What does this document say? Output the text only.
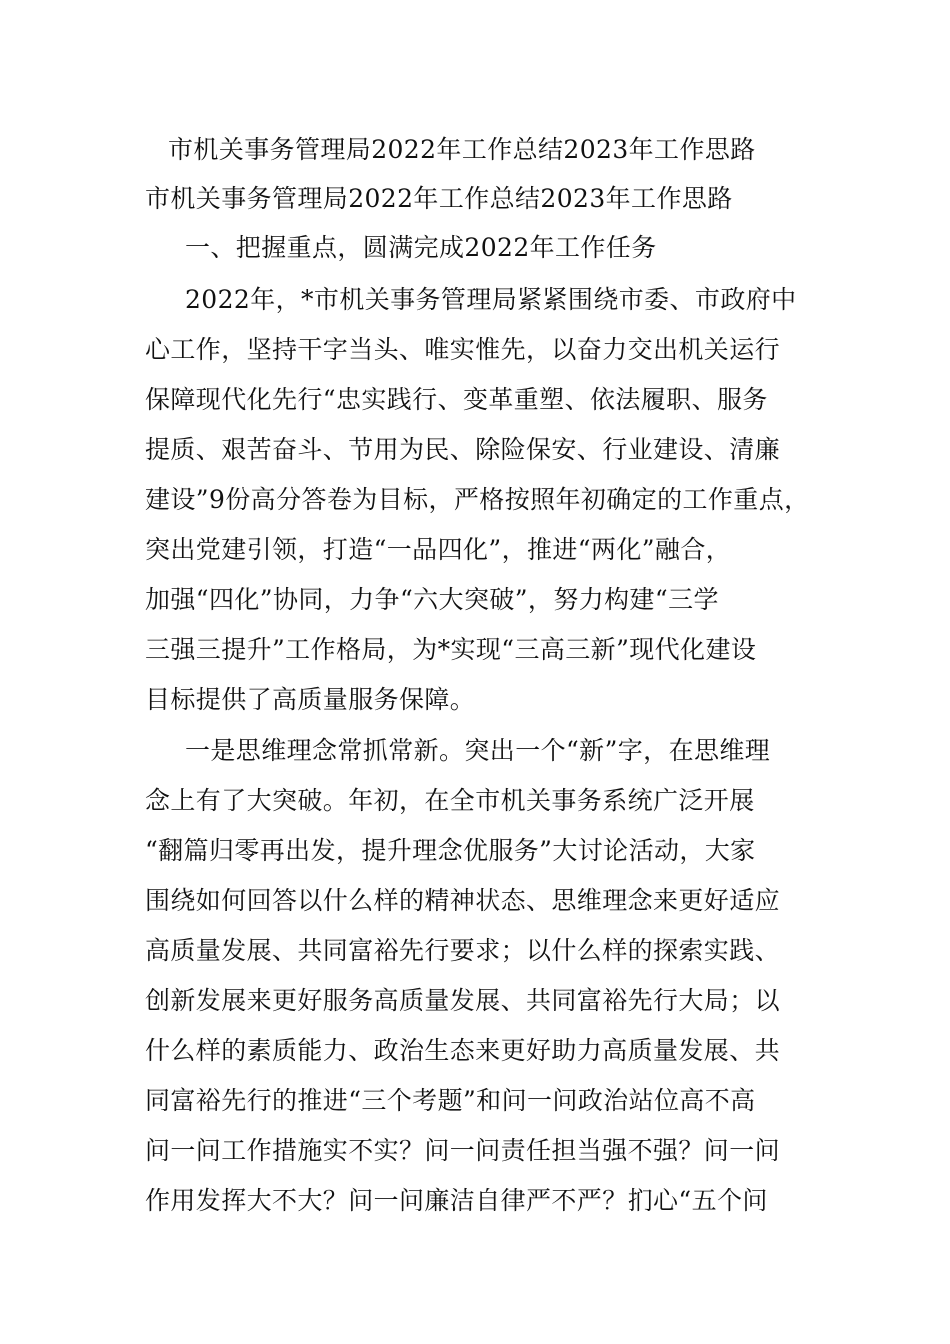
市机关事务管理局2022年工作总结2023年工作思路
市机关事务管理局2022年工作总结2023年工作思路
一、把握重点，圆满完成2022年工作任务
2022年，*市机关事务管理局紧紧围绕市委、市政府中
心工作，坚持干字当头、唯实惟先，以奋力交出机关运行
保障现代化先行“忠实践行、变革重塑、依法履职、服务
提质、艰苦奋斗、节用为民、除险保安、行业建设、清廉
建设”9份高分答卷为目标，严格按照年初确定的工作重点，
突出党建引领，打造“一品四化”，推进“两化”融合，
加强“四化”协同，力争“六大突破”，努力构建“三学
三强三提升”工作格局，为*实现“三高三新”现代化建设
目标提供了高质量服务保障。
一是思维理念常抓常新。突出一个“新”字，在思维理
念上有了大突破。年初，在全市机关事务系统广泛开展
“翻篇归零再出发，提升理念优服务”大讨论活动，大家
围绕如何回答以什么样的精神状态、思维理念来更好适应
高质量发展、共同富裕先行要求；以什么样的探索实践、
创新发展来更好服务高质量发展、共同富裕先行大局；以
什么样的素质能力、政治生态来更好助力高质量发展、共
同富裕先行的推进“三个考题”和问一问政治站位高不高
问一问工作措施实不实？问一问责任担当强不强？问一问
作用发挥大不大？问一问廉洁自律严不严？扪心“五个问
